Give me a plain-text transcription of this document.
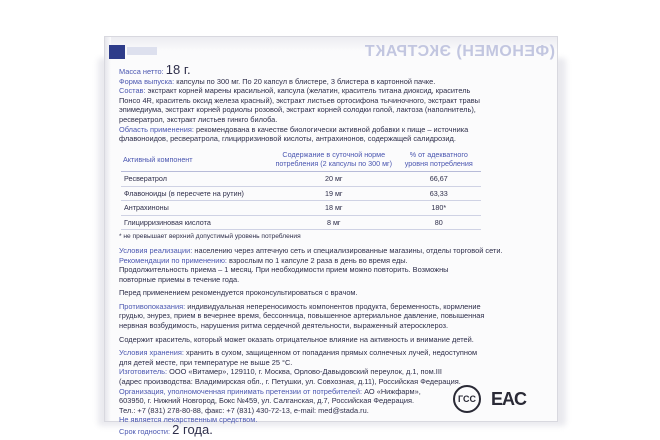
(ФЕНОМЕН) ЭКСТРАКТ
Масса нетто: 18 г.
Форма выпуска: капсулы по 300 мг. По 20 капсул в блистере, 3 блистера в картонной пачке.
Состав: экстракт корней марены красильной, капсула (желатин, краситель титана диоксид, краситель
Понсо 4R, краситель оксид железа красный), экстракт листьев ортосифона тычиночного, экстракт травы
эпимедиума, экстракт корней родиолы розовой, экстракт корней солодки голой, лактоза (наполнитель),
ресвератрол, экстракт листьев гинкго билоба.
Область применения: рекомендована в качестве биологически активной добавки к пище – источника
флавоноидов, ресвератрола, глицирризиновой кислоты, антрахинонов, содержащей салидрозид.
Активный компонент	Содержание в суточной норме потребления (2 капсулы по 300 мг)	% от адекватного уровня потребления
Ресвератрол	20 мг	66,67
Флавоноиды (в пересчете на рутин)	19 мг	63,33
Антрахиноны	18 мг	180*
Глицирризиновая кислота	8 мг	80
* не превышает верхний допустимый уровень потребления
Условия реализации: населению через аптечную сеть и специализированные магазины, отделы торговой сети.
Рекомендации по применению: взрослым по 1 капсуле 2 раза в день во время еды.
Продолжительность приема – 1 месяц. При необходимости прием можно повторить. Возможны
повторные приемы в течение года.
Перед применением рекомендуется проконсультироваться с врачом.
Противопоказания: индивидуальная непереносимость компонентов продукта, беременность, кормление
грудью, энурез, прием в вечернее время, бессонница, повышенное артериальное давление, повышенная
нервная возбудимость, нарушения ритма сердечной деятельности, выраженный атеросклероз.
Содержит краситель, который может оказать отрицательное влияние на активность и внимание детей.
Условия хранения: хранить в сухом, защищенном от попадания прямых солнечных лучей, недоступном
для детей месте, при температуре не выше 25 °С.
Изготовитель: ООО «Витамер», 129110, г. Москва, Орлово-Давыдовский переулок, д.1, пом.III
(адрес производства: Владимирская обл., г. Петушки, ул. Совхозная, д.11), Российская Федерация.
Организация, уполномоченная принимать претензии от потребителей: АО «Нижфарм»,
603950, г. Нижний Новгород, Бокс №459, ул. Салганская, д.7, Российская Федерация.
Тел.: +7 (831) 278-80-88, факс: +7 (831) 430-72-13, e-mail: med@stada.ru.
Не является лекарственным средством.
Срок годности: 2 года.
ГСС EAC
